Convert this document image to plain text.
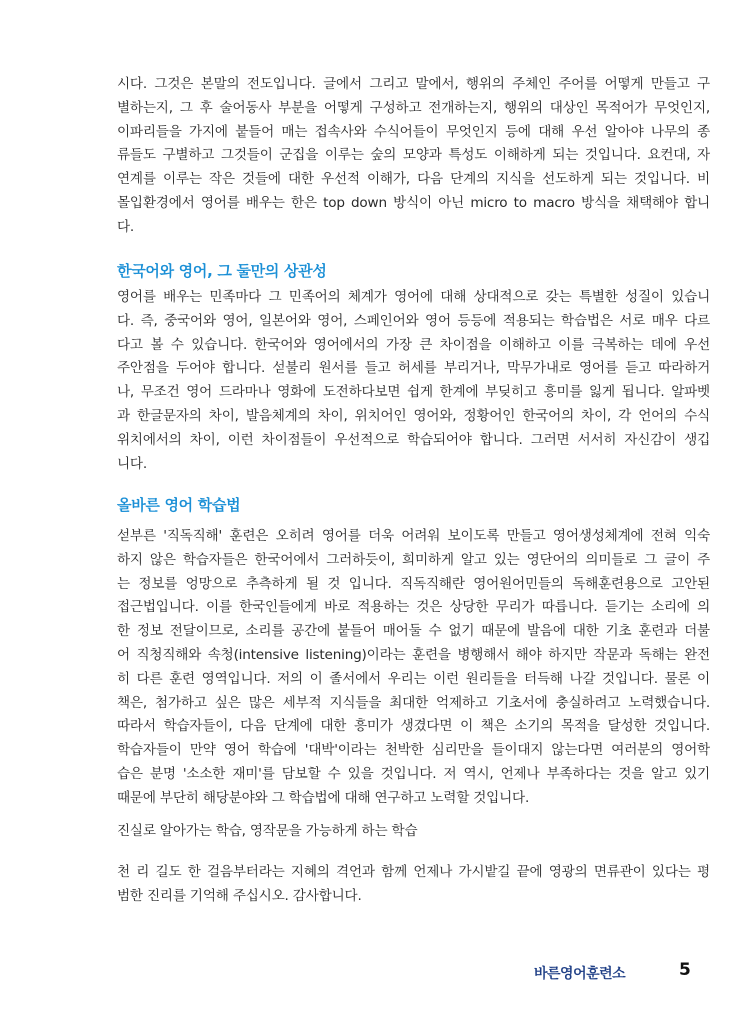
시다. 그것은 본말의 전도입니다. 글에서 그리고 말에서, 행위의 주체인 주어를 어떻게 만들고 구
별하는지, 그 후 술어동사 부분을 어떻게 구성하고 전개하는지, 행위의 대상인 목적어가 무엇인지,
이파리들을 가지에 붙들어 매는 접속사와 수식어들이 무엇인지 등에 대해 우선 알아야 나무의 종
류들도 구별하고 그것들이 군집을 이루는 숲의 모양과 특성도 이해하게 되는 것입니다. 요컨대, 자
연계를 이루는 작은 것들에 대한 우선적 이해가, 다음 단계의 지식을 선도하게 되는 것입니다. 비
몰입환경에서 영어를 배우는 한은 top down 방식이 아닌 micro to macro 방식을 채택해야 합니
다.
한국어와 영어, 그 둘만의 상관성
영어를 배우는 민족마다 그 민족어의 체계가 영어에 대해 상대적으로 갖는 특별한 성질이 있습니
다. 즉, 중국어와 영어, 일본어와 영어, 스페인어와 영어 등등에 적용되는 학습법은 서로 매우 다르
다고 볼 수 있습니다. 한국어와 영어에서의 가장 큰 차이점을 이해하고 이를 극복하는 데에 우선
주안점을 두어야 합니다. 섣불리 원서를 들고 허세를 부리거나, 막무가내로 영어를 듣고 따라하거
나, 무조건 영어 드라마나 영화에 도전하다보면 쉽게 한계에 부딪히고 흥미를 잃게 됩니다. 알파벳
과 한글문자의 차이, 발음체계의 차이, 위치어인 영어와, 정황어인 한국어의 차이, 각 언어의 수식
위치에서의 차이, 이런 차이점들이 우선적으로 학습되어야 합니다. 그러면 서서히 자신감이 생깁
니다.
올바른 영어 학습법
섣부른 '직독직해' 훈련은 오히려 영어를 더욱 어려워 보이도록 만들고 영어생성체계에 전혀 익숙
하지 않은 학습자들은 한국어에서 그러하듯이, 희미하게 알고 있는 영단어의 의미들로 그 글이 주
는 정보를 엉망으로 추측하게 될 것 입니다. 직독직해란 영어원어민들의 독해훈련용으로 고안된
접근법입니다. 이를 한국인들에게 바로 적용하는 것은 상당한 무리가 따릅니다. 듣기는 소리에 의
한 정보 전달이므로, 소리를 공간에 붙들어 매어둘 수 없기 때문에 발음에 대한 기초 훈련과 더불
어 직청직해와 속청(intensive listening)이라는 훈련을 병행해서 해야 하지만 작문과 독해는 완전
히 다른 훈련 영역입니다. 저의 이 졸서에서 우리는 이런 원리들을 터득해 나갈 것입니다. 물론 이
책은, 첨가하고 싶은 많은 세부적 지식들을 최대한 억제하고 기초서에 충실하려고 노력했습니다.
따라서 학습자들이, 다음 단계에 대한 흥미가 생겼다면 이 책은 소기의 목적을 달성한 것입니다.
학습자들이 만약 영어 학습에 '대박'이라는 천박한 심리만을 들이대지 않는다면 여러분의 영어학
습은 분명 '소소한 재미'를 담보할 수 있을 것입니다. 저 역시, 언제나 부족하다는 것을 알고 있기
때문에 부단히 해당분야와 그 학습법에 대해 연구하고 노력할 것입니다.
진실로 알아가는 학습, 영작문을 가능하게 하는 학습
천 리 길도 한 걸음부터라는 지혜의 격언과 함께 언제나 가시밭길 끝에 영광의 면류관이 있다는 평
범한 진리를 기억해 주십시오. 감사합니다.
바른영어훈련소	5
